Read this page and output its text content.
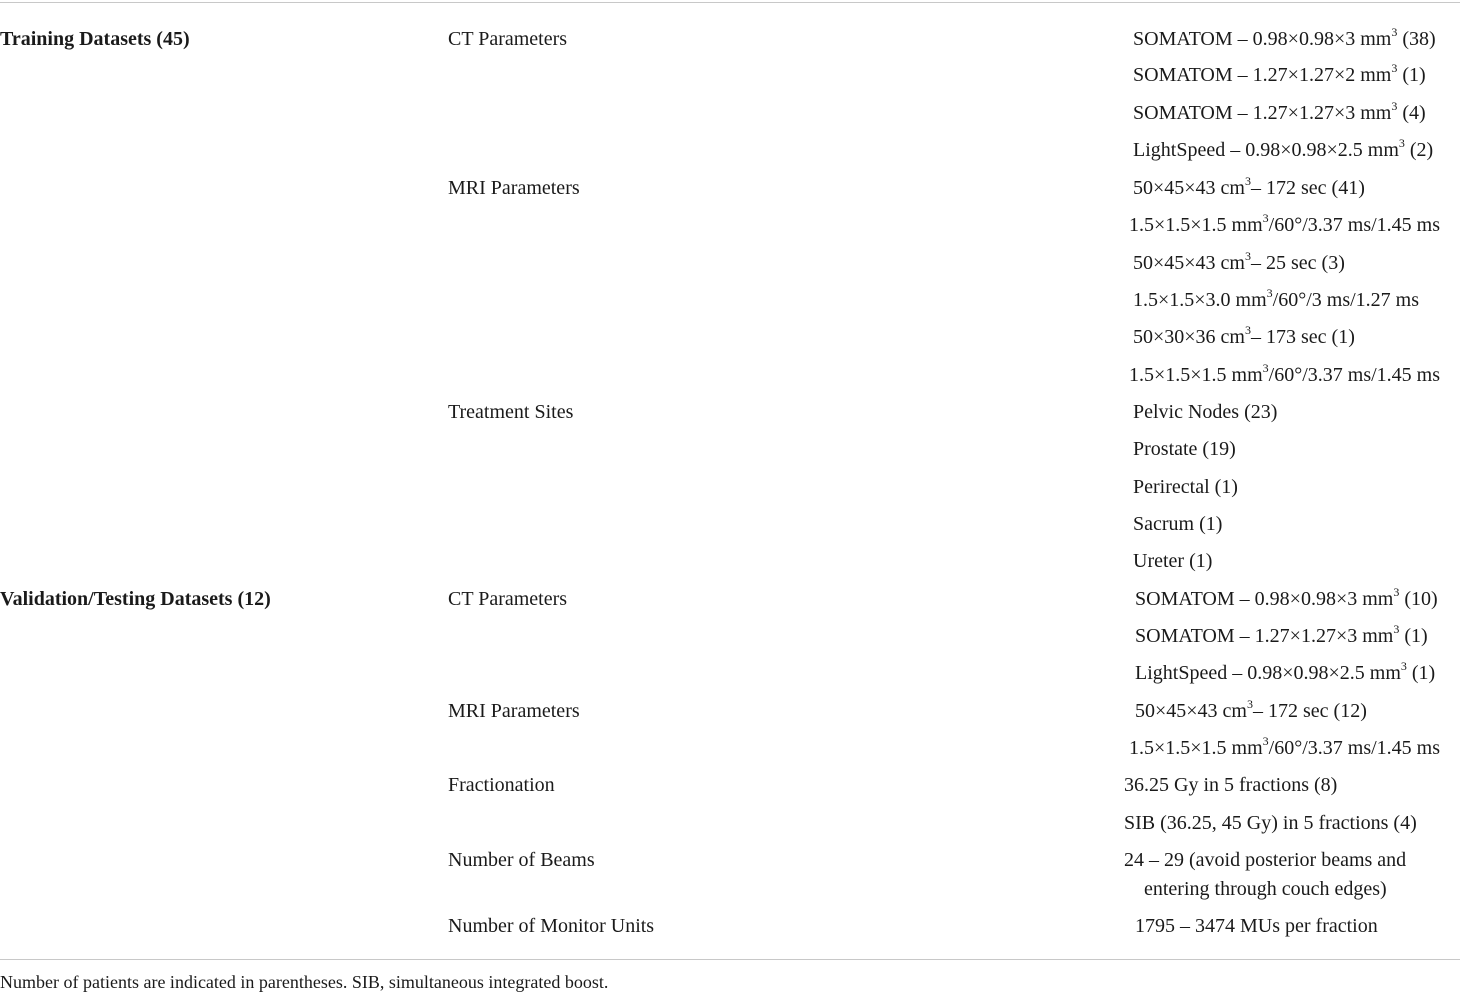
Training Datasets (45)
Validation/Testing Datasets (12)
CT Parameters
MRI Parameters
Treatment Sites
CT Parameters
MRI Parameters
Fractionation
Number of Beams
Number of Monitor Units
SOMATOM – 0.98×0.98×3 $mm^3$ (38)
SOMATOM – 1.27×1.27×2 $mm^3$ (1)
SOMATOM – 1.27×1.27×3 $mm^3$ (4)
LightSpeed – 0.98×0.98×2.5 $mm^3$ (2)
50×45×43 $cm^3-$ 172 sec (41)
1.5×1.5×1.5 $mm^3/60^\circ/3.37$ ms/1.45 ms
50×45×43 $cm^3-$ 25 sec (3)
1.5×1.5×3.0 $mm^3/60^\circ/3$ ms/1.27 ms
50×30×36 $cm^3-$ 173 sec (1)
1.5×1.5×1.5 $mm^3/60^\circ/3.37$ ms/1.45 ms
Pelvic Nodes (23)
Prostate (19)
Perirectal (1)
Sacrum (1)
Ureter (1)
SOMATOM – 0.98×0.98×3 $mm^3$ (10)
SOMATOM – 1.27×1.27×3 $mm^3$ (1)
LightSpeed – 0.98×0.98×2.5 $mm^3$ (1)
50×45×43 $cm^3-$ 172 sec (12)
1.5×1.5×1.5 $mm^3/60^\circ/3.37$ ms/1.45 ms
36.25 Gy in 5 fractions (8)
SIB (36.25, 45 Gy) in 5 fractions (4)
24 – 29 (avoid posterior beams and
entering through couch edges)
1795 – 3474 MUs per fraction
Number of patients are indicated in parentheses. SIB, simultaneous integrated boost.
